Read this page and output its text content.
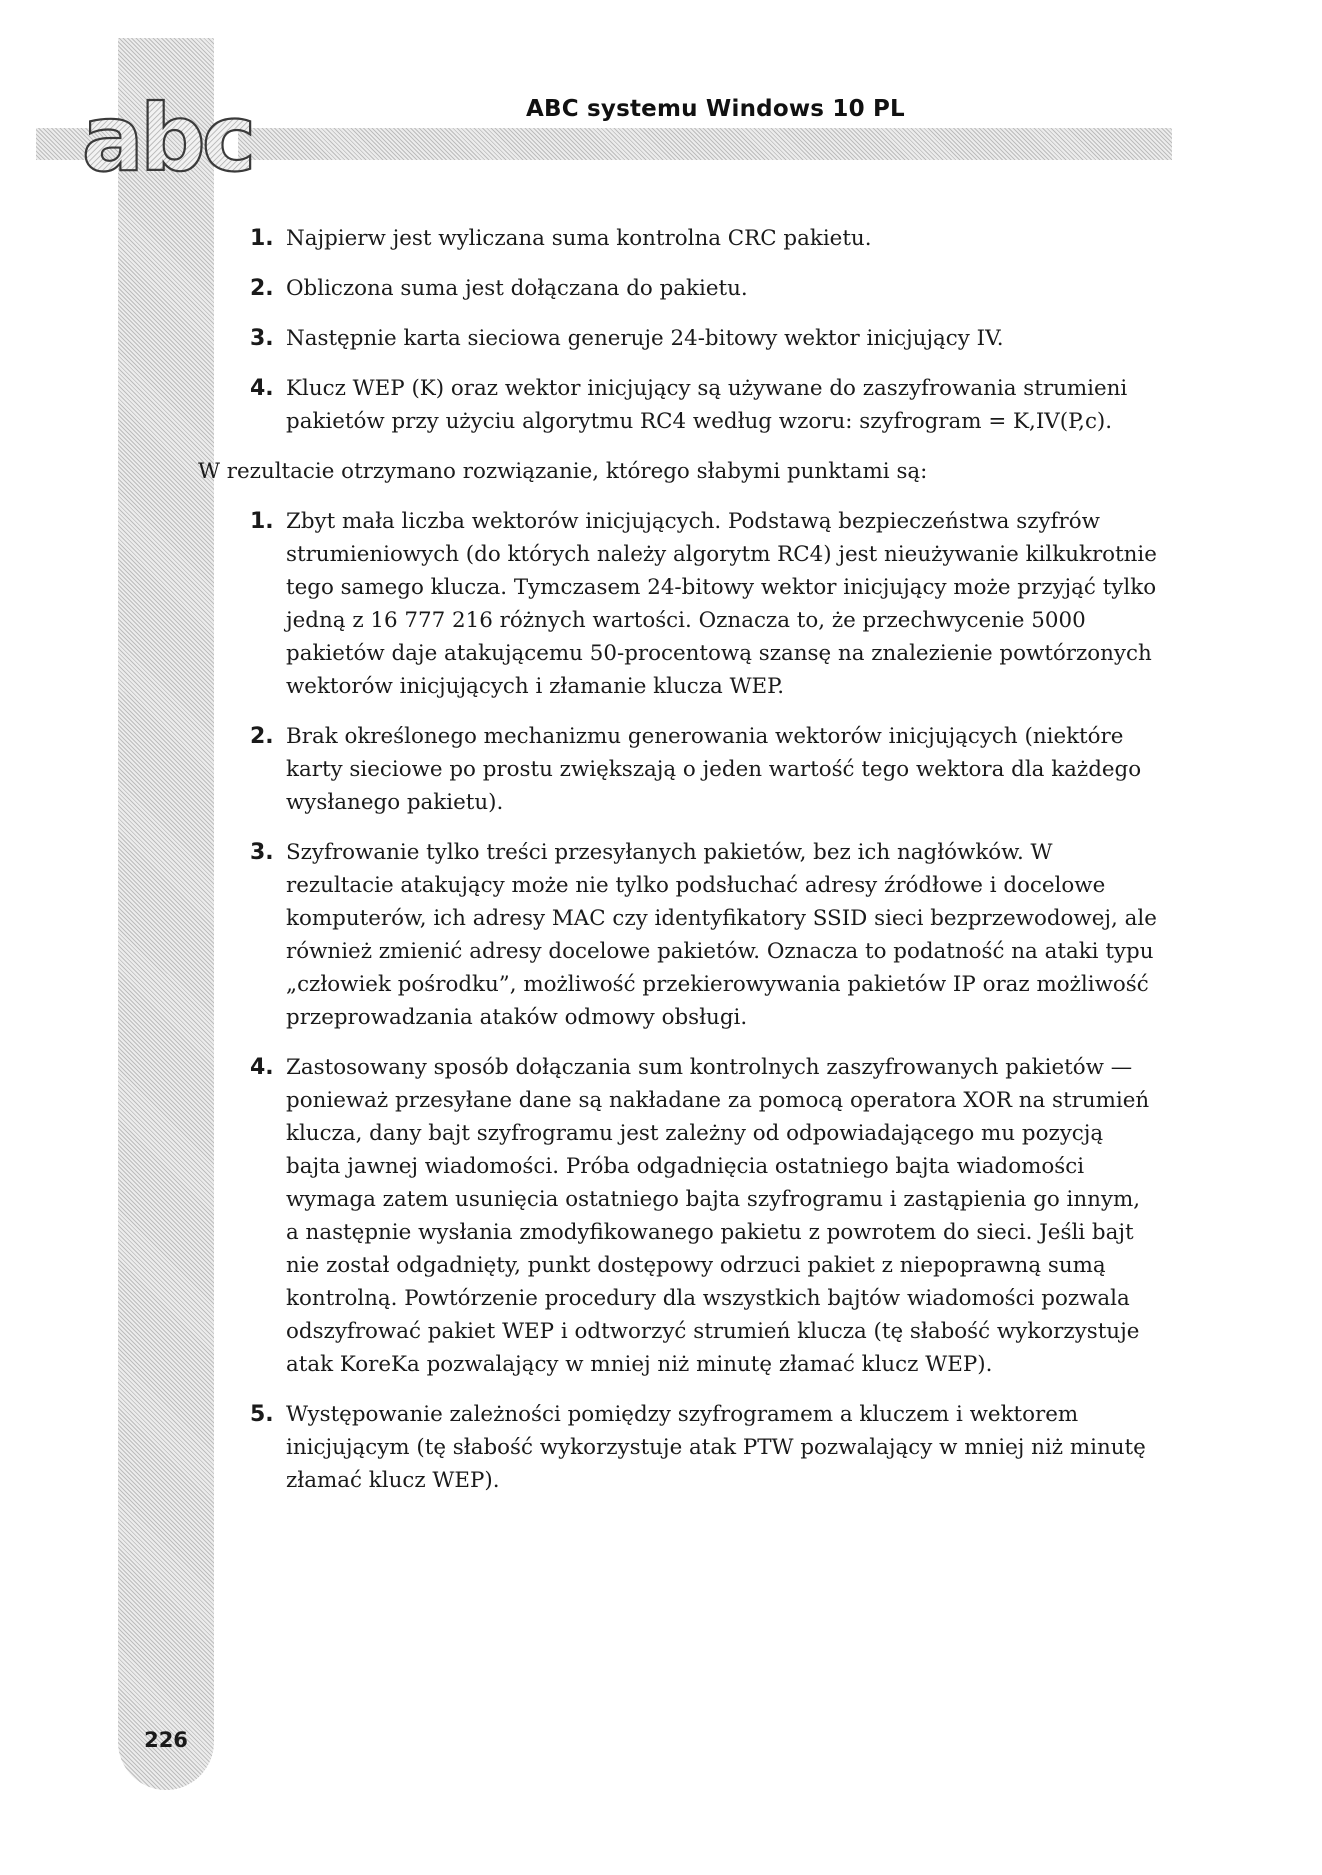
abc	ABC systemu Windows 10 PL
1. Najpierw jest wyliczana suma kontrolna CRC pakietu.
2. Obliczona suma jest dołączana do pakietu.
3. Następnie karta sieciowa generuje 24-bitowy wektor inicjujący IV.
4. Klucz WEP (K) oraz wektor inicjujący są używane do zaszyfrowania strumieni pakietów przy użyciu algorytmu RC4 według wzoru: szyfrogram = K,IV(P,c).

W rezultacie otrzymano rozwiązanie, którego słabymi punktami są:

1. Zbyt mała liczba wektorów inicjujących. Podstawą bezpieczeństwa szyfrów strumieniowych (do których należy algorytm RC4) jest nieużywanie kilkukrotnie tego samego klucza. Tymczasem 24-bitowy wektor inicjujący może przyjąć tylko jedną z 16 777 216 różnych wartości. Oznacza to, że przechwycenie 5000 pakietów daje atakującemu 50-procentową szansę na znalezienie powtórzonych wektorów inicjujących i złamanie klucza WEP.
2. Brak określonego mechanizmu generowania wektorów inicjujących (niektóre karty sieciowe po prostu zwiększają o jeden wartość tego wektora dla każdego wysłanego pakietu).
3. Szyfrowanie tylko treści przesyłanych pakietów, bez ich nagłówków. W rezultacie atakujący może nie tylko podsłuchać adresy źródłowe i docelowe komputerów, ich adresy MAC czy identyfikatory SSID sieci bezprzewodowej, ale również zmienić adresy docelowe pakietów. Oznacza to podatność na ataki typu „człowiek pośrodku”, możliwość przekierowywania pakietów IP oraz możliwość przeprowadzania ataków odmowy obsługi.
4. Zastosowany sposób dołączania sum kontrolnych zaszyfrowanych pakietów — ponieważ przesyłane dane są nakładane za pomocą operatora XOR na strumień klucza, dany bajt szyfrogramu jest zależny od odpowiadającego mu pozycją bajta jawnej wiadomości. Próba odgadnięcia ostatniego bajta wiadomości wymaga zatem usunięcia ostatniego bajta szyfrogramu i zastąpienia go innym, a następnie wysłania zmodyfikowanego pakietu z powrotem do sieci. Jeśli bajt nie został odgadnięty, punkt dostępowy odrzuci pakiet z niepoprawną sumą kontrolną. Powtórzenie procedury dla wszystkich bajtów wiadomości pozwala odszyfrować pakiet WEP i odtworzyć strumień klucza (tę słabość wykorzystuje atak KoreKa pozwalający w mniej niż minutę złamać klucz WEP).
5. Występowanie zależności pomiędzy szyfrogramem a kluczem i wektorem inicjującym (tę słabość wykorzystuje atak PTW pozwalający w mniej niż minutę złamać klucz WEP).
226
